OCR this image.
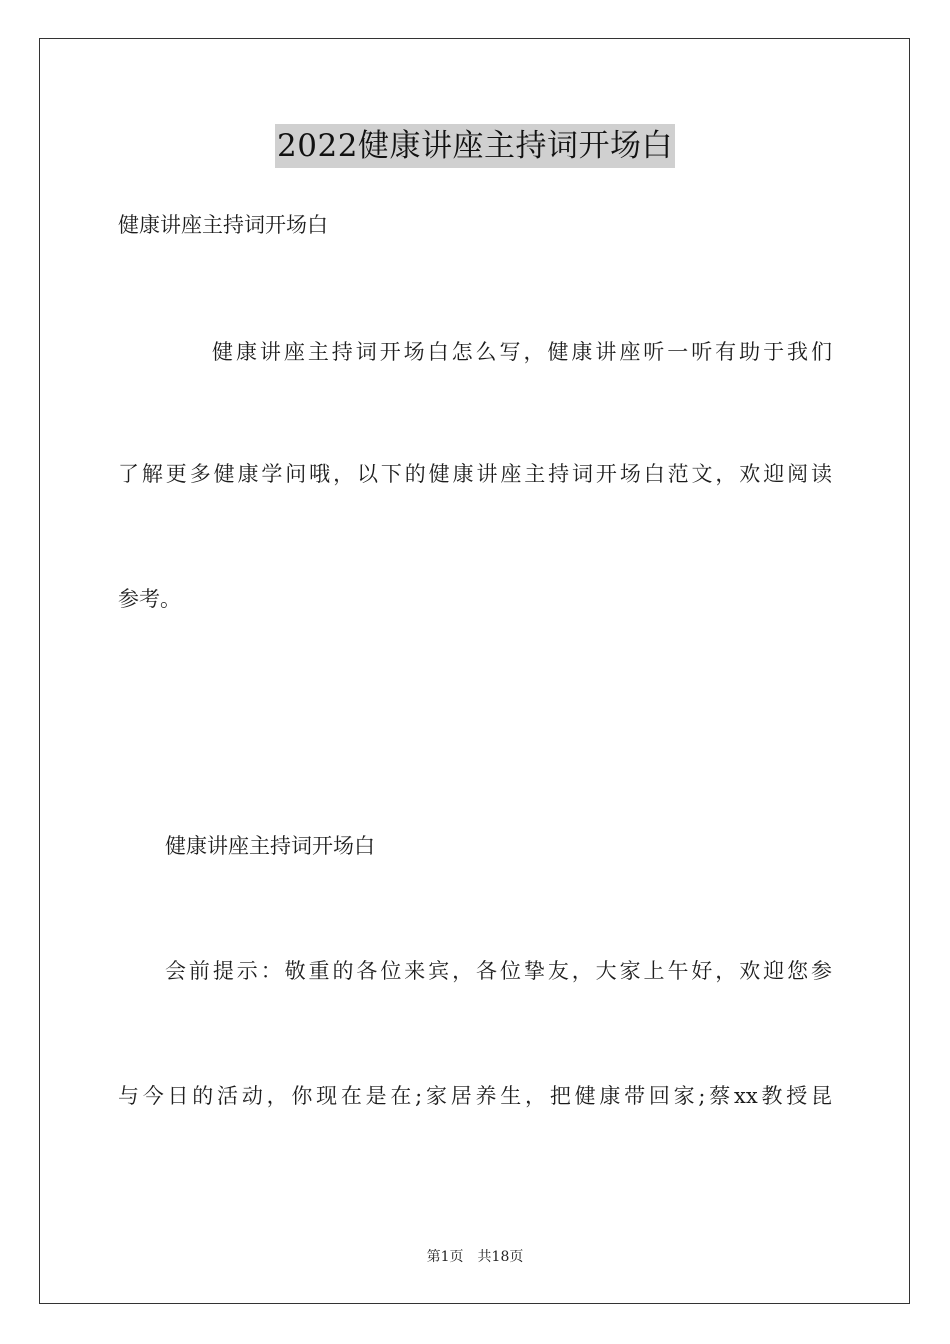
2022健康讲座主持词开场白
健康讲座主持词开场白
健康讲座主持词开场白怎么写，健康讲座听一听有助于我们
了解更多健康学问哦，以下的健康讲座主持词开场白范文，欢迎阅读
参考。
健康讲座主持词开场白
会前提示：敬重的各位来宾，各位挚友，大家上午好，欢迎您参
与今日的活动，你现在是在;家居养生，把健康带回家;蔡xx教授昆
第1页 共18页
